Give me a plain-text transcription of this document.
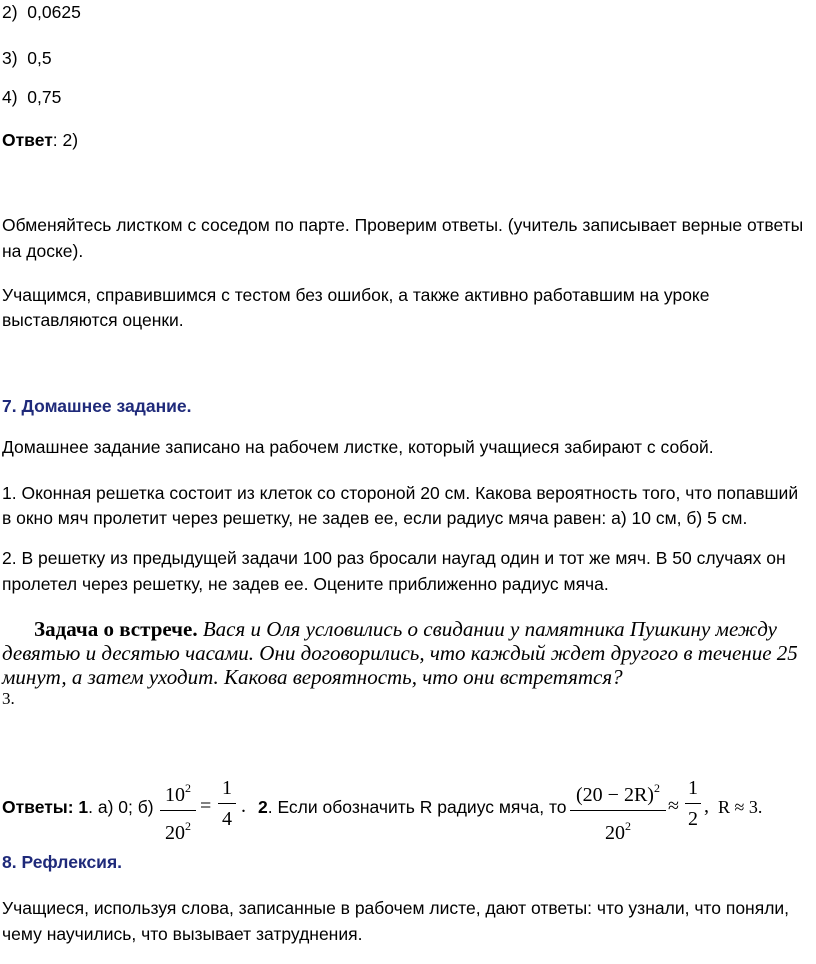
2) 0,0625
3) 0,5
4) 0,75
Ответ: 2)
Обменяйтесь листком с соседом по парте. Проверим ответы. (учитель записывает верные ответы
на доске).
Учащимся, справившимся с тестом без ошибок, а также активно работавшим на уроке
выставляются оценки.
7. Домашнее задание.
Домашнее задание записано на рабочем листке, который учащиеся забирают с собой.
1. Оконная решетка состоит из клеток со стороной 20 см. Какова вероятность того, что попавший
в окно мяч пролетит через решетку, не задев ее, если радиус мяча равен: а) 10 см, б) 5 см.
2. В решетку из предыдущей задачи 100 раз бросали наугад один и тот же мяч. В 50 случаях он
пролетел через решетку, не задев ее. Оцените приближенно радиус мяча.
Задача о встрече. Вася и Оля условились о свидании у памятника Пушкину между
девятью и десятью часами. Они договорились, что каждый ждет другого в течение 25
минут, а затем уходит. Какова вероятность, что они встретятся?
3.
Ответы: 1. а) 0; б)
$10^2$
$20^2$
=
1
4
. 2. Если обозначить R радиус мяча, то
$(20 - 2R)^2$
$20^2$
≈
1
2
, R ≈ 3.
8. Рефлексия.
Учащиеся, используя слова, записанные в рабочем листе, дают ответы: что узнали, что поняли,
чему научились, что вызывает затруднения.
